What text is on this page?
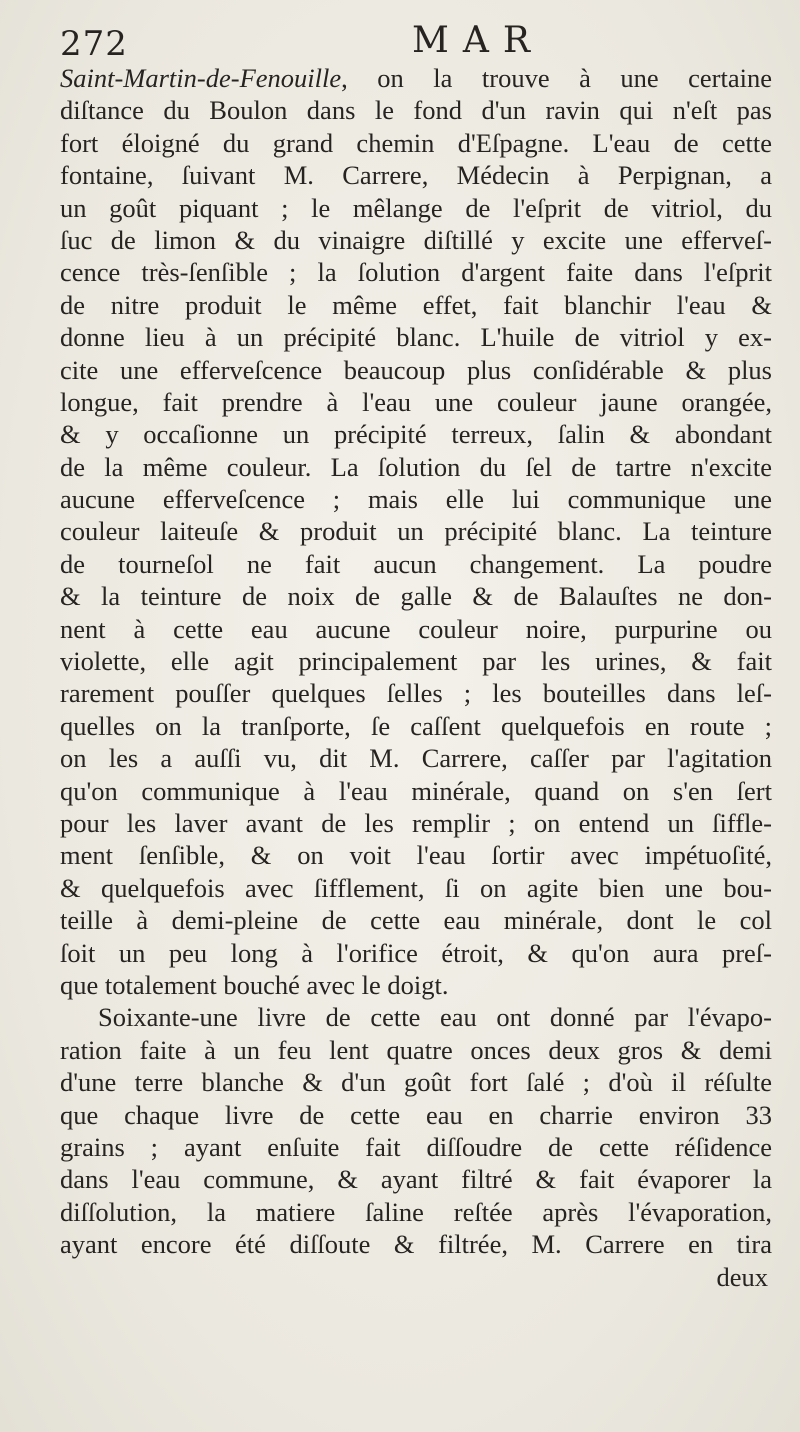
272	MAR
Saint-Martin-de-Fenouille, on la trouve à une certaine
diſtance du Boulon dans le fond d'un ravin qui n'eſt pas
fort éloigné du grand chemin d'Eſpagne. L'eau de cette
fontaine, ſuivant M. Carrere, Médecin à Perpignan, a
un goût piquant ; le mêlange de l'eſprit de vitriol, du
ſuc de limon & du vinaigre diſtillé y excite une efferveſ-
cence très-ſenſible ; la ſolution d'argent faite dans l'eſprit
de nitre produit le même effet, fait blanchir l'eau &
donne lieu à un précipité blanc. L'huile de vitriol y ex-
cite une efferveſcence beaucoup plus conſidérable & plus
longue, fait prendre à l'eau une couleur jaune orangée,
& y occaſionne un précipité terreux, ſalin & abondant
de la même couleur. La ſolution du ſel de tartre n'excite
aucune efferveſcence ; mais elle lui communique une
couleur laiteuſe & produit un précipité blanc. La teinture
de tourneſol ne fait aucun changement. La poudre
& la teinture de noix de galle & de Balauſtes ne don-
nent à cette eau aucune couleur noire, purpurine ou
violette, elle agit principalement par les urines, & fait
rarement pouſſer quelques ſelles ; les bouteilles dans leſ-
quelles on la tranſporte, ſe caſſent quelquefois en route ;
on les a auſſi vu, dit M. Carrere, caſſer par l'agitation
qu'on communique à l'eau minérale, quand on s'en ſert
pour les laver avant de les remplir ; on entend un ſiffle-
ment ſenſible, & on voit l'eau ſortir avec impétuoſité,
& quelquefois avec ſifflement, ſi on agite bien une bou-
teille à demi-pleine de cette eau minérale, dont le col
ſoit un peu long à l'orifice étroit, & qu'on aura preſ-
que totalement bouché avec le doigt.
Soixante-une livre de cette eau ont donné par l'évapo-
ration faite à un feu lent quatre onces deux gros & demi
d'une terre blanche & d'un goût fort ſalé ; d'où il réſulte
que chaque livre de cette eau en charrie environ 33
grains ; ayant enſuite fait diſſoudre de cette réſidence
dans l'eau commune, & ayant filtré & fait évaporer la
diſſolution, la matiere ſaline reſtée après l'évaporation,
ayant encore été diſſoute & filtrée, M. Carrere en tira
deux
